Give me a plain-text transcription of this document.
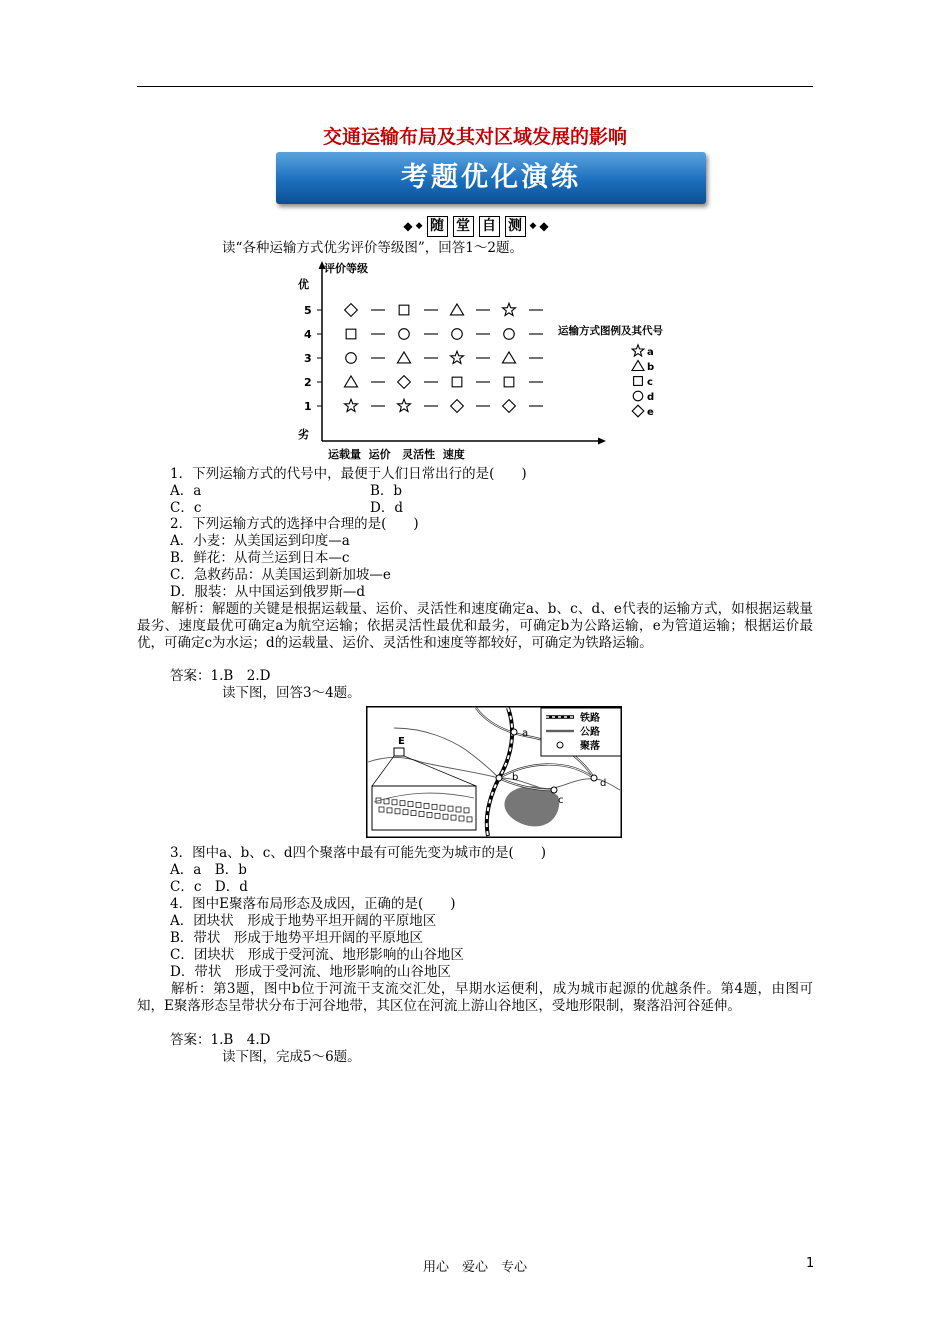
交通运输布局及其对区域发展的影响
考题优化演练
◆ ◆ 随 堂 自 测 ◆ ◆
读“各种运输方式优劣评价等级图”，回答1～2题。
评价等级
优
劣
运载量  运价   灵活性  速度
运输方式图例及其代号
5
4
3
2
1
a
b
c
d
e
1．下列运输方式的代号中，最便于人们日常出行的是(　　)
A．a	B．b
C．c	D．d
2．下列运输方式的选择中合理的是(　　)
A．小麦：从美国运到印度—a
B．鲜花：从荷兰运到日本—c
C．急救药品：从美国运到新加坡—e
D．服装：从中国运到俄罗斯—d
解析：解题的关键是根据运载量、运价、灵活性和速度确定a、b、c、d、e代表的运输方式，如根据运载量最劣、速度最优可确定a为航空运输；依据灵活性最优和最劣，可确定b为公路运输，e为管道运输；根据运价最优，可确定c为水运；d的运载量、运价、灵活性和速度等都较好，可确定为铁路运输。
答案：1.B　2.D
读下图，回答3～4题。
a
b
c
d
E
铁路
公路
聚落
3．图中a、b、c、d四个聚落中最有可能先变为城市的是(　　)
A．a　B．b
C．c　D．d
4．图中E聚落布局形态及成因，正确的是(　　)
A．团块状　形成于地势平坦开阔的平原地区
B．带状　形成于地势平坦开阔的平原地区
C．团块状　形成于受河流、地形影响的山谷地区
D．带状　形成于受河流、地形影响的山谷地区
解析：第3题，图中b位于河流干支流交汇处，早期水运便利，成为城市起源的优越条件。第4题，由图可知，E聚落形态呈带状分布于河谷地带，其区位在河流上游山谷地区，受地形限制，聚落沿河谷延伸。
答案：1.B　4.D
读下图，完成5～6题。
用心　爱心　专心	1
